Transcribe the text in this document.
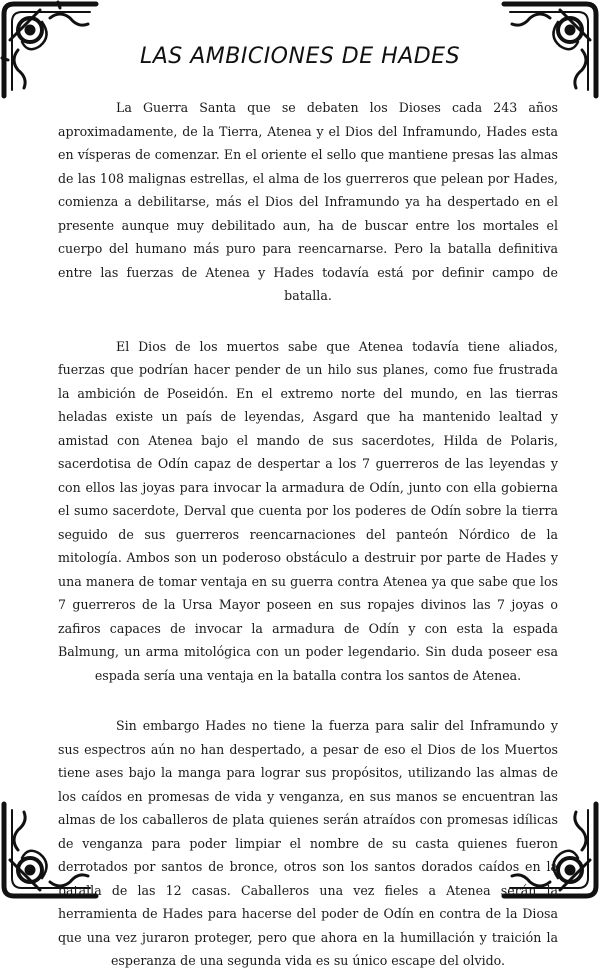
LAS AMBICIONES DE HADES

La Guerra Santa que se debaten los Dioses cada 243 años aproximadamente, de la Tierra, Atenea y el Dios del Inframundo, Hades esta en vísperas de comenzar. En el oriente el sello que mantiene presas las almas de las 108 malignas estrellas, el alma de los guerreros que pelean por Hades, comienza a debilitarse, más el Dios del Inframundo ya ha despertado en el presente aunque muy debilitado aun, ha de buscar entre los mortales el cuerpo del humano más puro para reencarnarse. Pero la batalla definitiva entre las fuerzas de Atenea y Hades todavía está por definir campo de batalla.

El Dios de los muertos sabe que Atenea todavía tiene aliados, fuerzas que podrían hacer pender de un hilo sus planes, como fue frustrada la ambición de Poseidón. En el extremo norte del mundo, en las tierras heladas existe un país de leyendas, Asgard que ha mantenido lealtad y amistad con Atenea bajo el mando de sus sacerdotes, Hilda de Polaris, sacerdotisa de Odín capaz de despertar a los 7 guerreros de las leyendas y con ellos las joyas para invocar la armadura de Odín, junto con ella gobierna el sumo sacerdote, Derval que cuenta por los poderes de Odín sobre la tierra seguido de sus guerreros reencarnaciones del panteón Nórdico de la mitología. Ambos son un poderoso obstáculo a destruir por parte de Hades y una manera de tomar ventaja en su guerra contra Atenea ya que sabe que los 7 guerreros de la Ursa Mayor poseen en sus ropajes divinos las 7 joyas o zafiros capaces de invocar la armadura de Odín y con esta la espada Balmung, un arma mitológica con un poder legendario. Sin duda poseer esa espada sería una ventaja en la batalla contra los santos de Atenea.

Sin embargo Hades no tiene la fuerza para salir del Inframundo y sus espectros aún no han despertado, a pesar de eso el Dios de los Muertos tiene ases bajo la manga para lograr sus propósitos, utilizando las almas de los caídos en promesas de vida y venganza, en sus manos se encuentran las almas de los caballeros de plata quienes serán atraídos con promesas idílicas de venganza para poder limpiar el nombre de su casta quienes fueron derrotados por santos de bronce, otros son los santos dorados caídos en la batalla de las 12 casas. Caballeros una vez fieles a Atenea serán la herramienta de Hades para hacerse del poder de Odín en contra de la Diosa que una vez juraron proteger, pero que ahora en la humillación y traición la esperanza de una segunda vida es su único escape del olvido.
